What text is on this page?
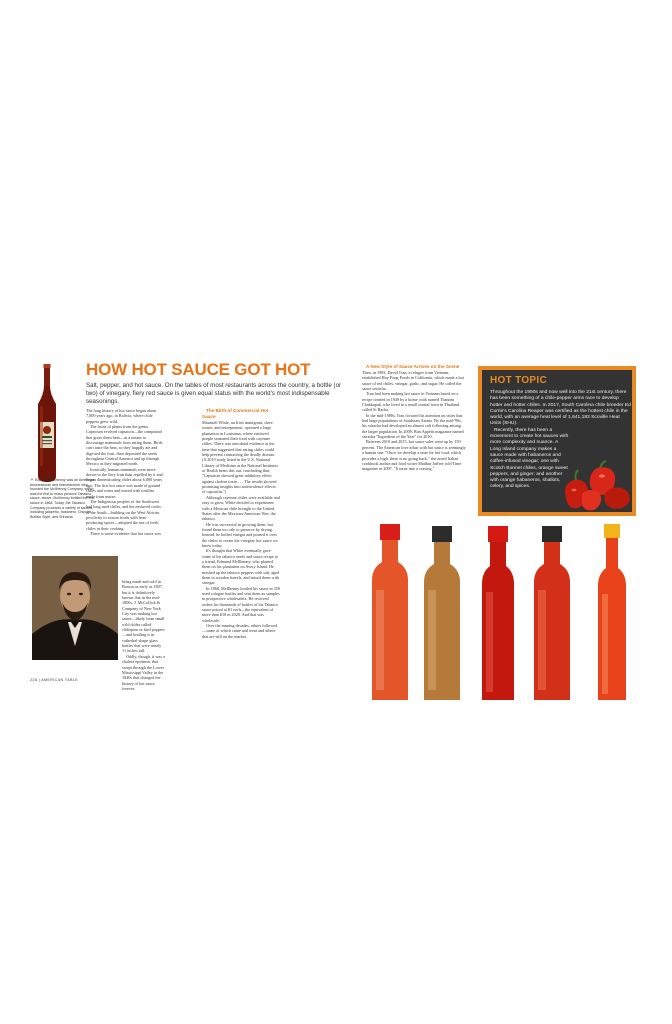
▼ Edmund McIlhenny was an American businessman and manufacturer who founded the McIlhenny Company, which was the first to mass produce Tabasco sauce, above. McIlhenny bottled the first sauce in 1868. Today, the Tabasco Company produces a variety of sauces, including jalapeño, habanero, Chipotle, Buffalo Style, and Sriracha.
HOW HOT SAUCE GOT HOT
Salt, pepper, and hot sauce. On the tables of most restaurants across the country, a bottle (or two) of vinegary, fiery red sauce is given equal status with the world's most indispensable seasonings.

The long history of hot sauce began about 7,000 years ago, in Bolivia, where chile peppers grew wild.

The fruits of plants from the genus Capsicum evolved capsaicin—the compound that gives them heat—as a means to discourage mammals from eating them. Birds can't taste the heat, so they happily ate and digested the fruit, then deposited the seeds throughout Central America and up through Mexico as they migrated north.

Ironically, human mammals were more drawn to the fiery fruit than repelled by it and began domesticating chiles about 6,000 years ago. The first hot sauce was made of ground chiles and water and mixed with tortillas made from maize.

The Indigenous peoples of the Southwest had long used chiles, and the enslaved cooks of the South—building on the West African proclivity to season foods with heat-producing spices—adopted the use of fresh chiles in their cooking.

There is some evidence that hot sauce was

being made and sold in Boston as early as 1807, but it is definitively known that in the mid-1800s, J. McCollick & Company of New York City was making hot sauce—likely from small wild chiles called chiltepins or bird peppers—and bottling it in cathedral-shape glass bottles that were nearly 11 inches tall.

Oddly, though, it was a cholera epidemic that swept through the Lower Mississippi Valley in the 1840s that changed the history of hot sauce forever.

The Birth of Commercial Hot Sauce

Maunsell White, an Irish immigrant, slave owner, and entrepreneur, operated a large plantation in Louisiana, where enslaved people seasoned their food with cayenne chiles. There was anecdotal evidence at the time that suggested that eating chiles could help prevent contracting the deadly disease. (A 2019 study listed in the U.S. National Library of Medicine at the National Institutes of Health bears this out, concluding that, "Capsaicin showed great inhibitory effect against cholera toxin . . . The results showed promising insights into antivirulence effects of capsaicin.")

Although cayenne chiles were available and easy to grow, White decided to experiment with a Mexican chile brought to the United States after the Mexican-American War: the tabasco.

He was successful in growing them, but found them too oily to preserve by drying. Instead, he boiled vinegar and poured it over the chiles to create the vinegary hot sauce we know today.

It's thought that White eventually gave some of his tabasco seeds and sauce recipe to a friend, Edmund McIlhenny, who planted them on his plantation on Avery Island. He mashed up the tabasco peppers with salt, aged them in wooden barrels, and mixed them with vinegar.

In 1868, McIlhenny bottled his sauce in 350 used cologne bottles and sent them as samples to prospective wholesalers. He received orders for thousands of bottles of his Tabasco sauce priced at $1 each—the equivalent of more than $18 in 2020. And that was wholesale.

Over the ensuing decades, others followed—some of which came and went and others that are still on the market.

228 | AMERICAN TABLE

A New Style of Sauce Arrives on the Scene

Then, in 1983, David Tran, a refugee from Vietnam, established Huy Fong Foods in California, which made a hot sauce of red chiles, vinegar, garlic, and sugar. He called the sauce sriracha.

Tran had been making hot sauce in Vietnam based on a recipe created in 1949 by a home cook named Thanom Chakkapak, who lived in a small coastal town in Thailand called Si Racha.

In the mid-1980s, Tran focused his attention on cities that had large populations of Southeast Asians. By the mid-'90s, his sriracha had developed an almost cult following among the larger population. In 2009, Bon Appétit magazine named sriracha "Ingredient of the Year" for 2010.

Between 2010 and 2015, hot sauce sales went up by 150 percent. The American love affair with hot sauce is seemingly a human one. "Once we develop a taste for hot food, which provides a high, there is no going back," she noted Italian cookbook author and food writer Madhur Jaffrey told Time magazine in 2007. "It turns into a craving."

HOT TOPIC

Throughout the 1990s and now well into the 21st century, there has been something of a chile-pepper arms race to develop hotter and hotter chiles. In 2017, South Carolina chile breeder Ed Currie's Carolina Reaper was certified as the hottest chile in the world, with an average heat level of 1,641,183 Scoville Heat Units (SHU).

Recently, there has been a movement to create hot sauces with more complexity and nuance. A Long Island company makes a sauce made with habaneros and coffee-infused vinegar; one with Scotch Bonnet chiles, orange sweet peppers, and ginger; and another with orange habaneros, shallots, celery, and spices.
